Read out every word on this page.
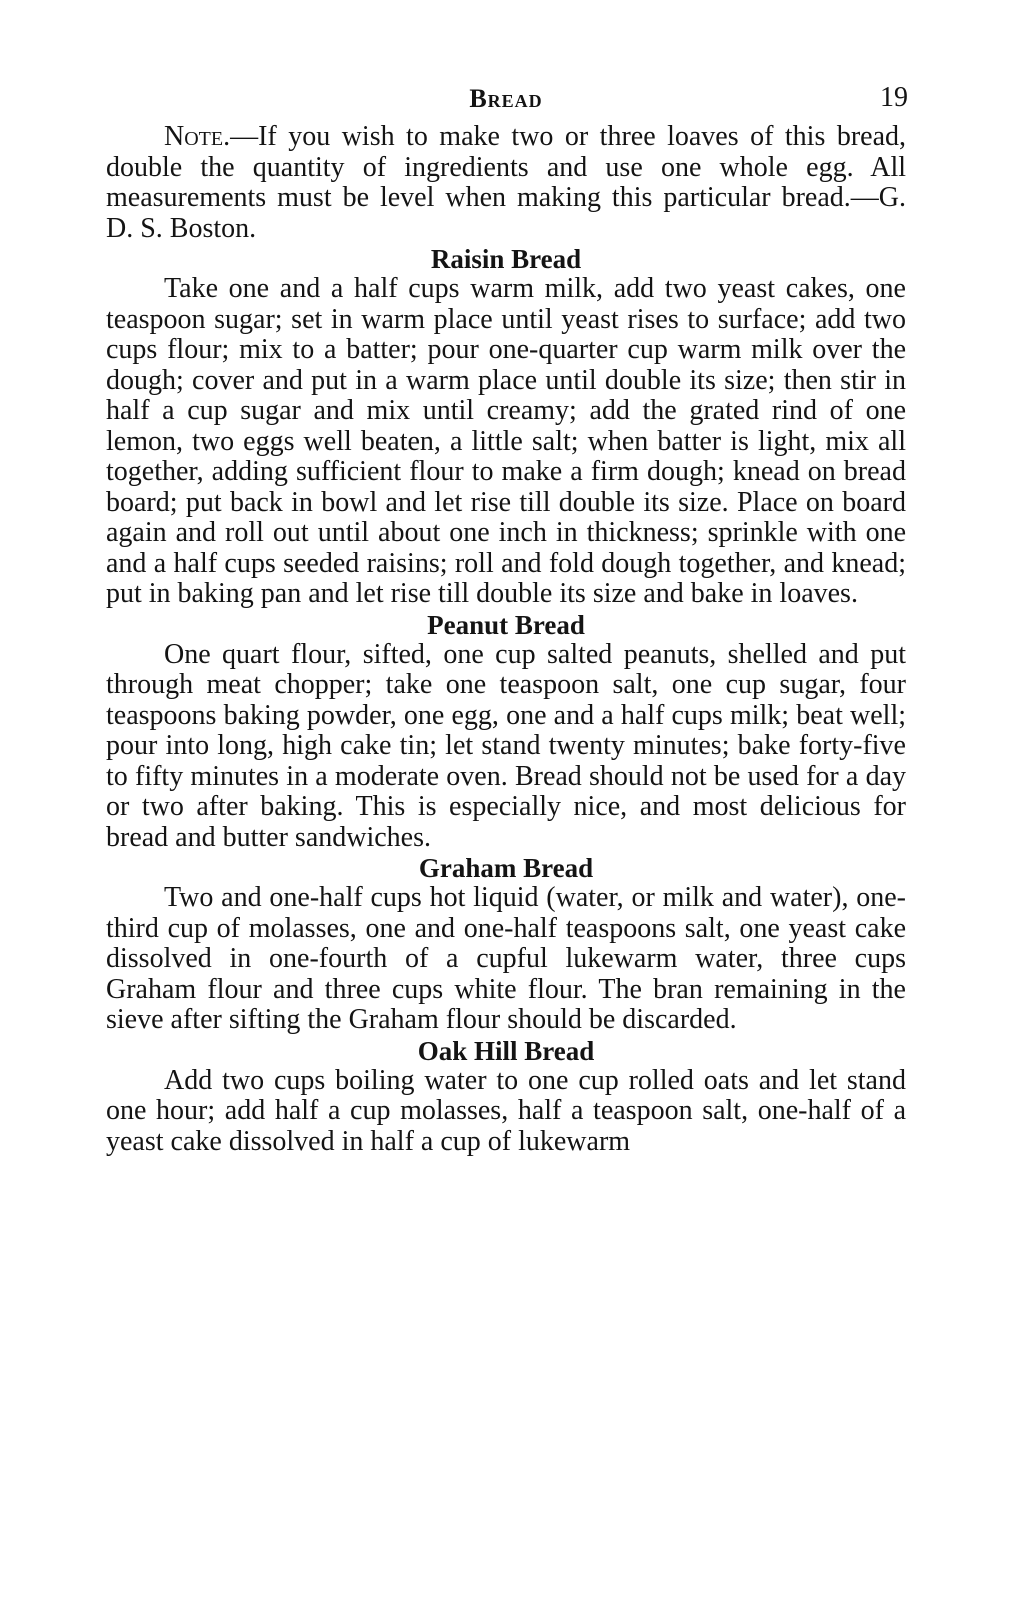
Bread	19

Note.—If you wish to make two or three loaves of this bread, double the quantity of ingredients and use one whole egg. All measurements must be level when making this particular bread.—G. D. S. Boston.

Raisin Bread

Take one and a half cups warm milk, add two yeast cakes, one teaspoon sugar; set in warm place until yeast rises to surface; add two cups flour; mix to a batter; pour one-quarter cup warm milk over the dough; cover and put in a warm place until double its size; then stir in half a cup sugar and mix until creamy; add the grated rind of one lemon, two eggs well beaten, a little salt; when batter is light, mix all together, adding sufficient flour to make a firm dough; knead on bread board; put back in bowl and let rise till double its size. Place on board again and roll out until about one inch in thickness; sprinkle with one and a half cups seeded raisins; roll and fold dough together, and knead; put in baking pan and let rise till double its size and bake in loaves.

Peanut Bread

One quart flour, sifted, one cup salted peanuts, shelled and put through meat chopper; take one teaspoon salt, one cup sugar, four teaspoons baking powder, one egg, one and a half cups milk; beat well; pour into long, high cake tin; let stand twenty minutes; bake forty-five to fifty minutes in a moderate oven. Bread should not be used for a day or two after baking. This is especially nice, and most delicious for bread and butter sandwiches.

Graham Bread

Two and one-half cups hot liquid (water, or milk and water), one-third cup of molasses, one and one-half teaspoons salt, one yeast cake dissolved in one-fourth of a cupful lukewarm water, three cups Graham flour and three cups white flour. The bran remaining in the sieve after sifting the Graham flour should be discarded.

Oak Hill Bread

Add two cups boiling water to one cup rolled oats and let stand one hour; add half a cup molasses, half a teaspoon salt, one-half of a yeast cake dissolved in half a cup of lukewarm
